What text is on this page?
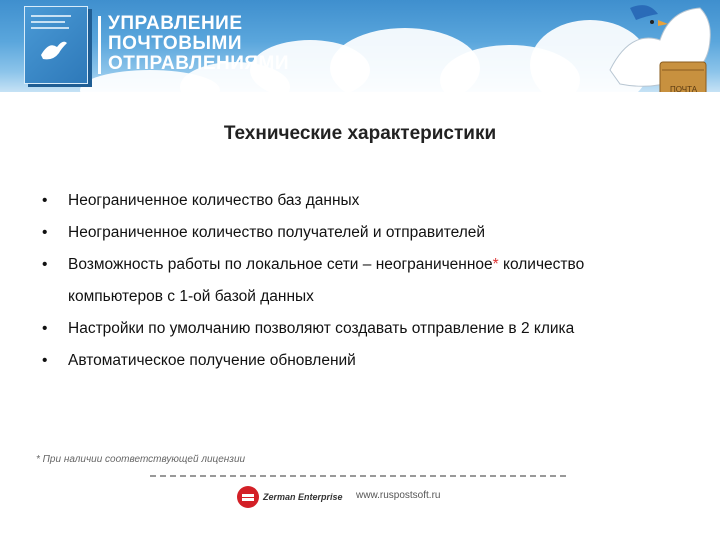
УПРАВЛЕНИЕ
ПОЧТОВЫМИ
ОТПРАВЛЕНИЯМИ
ПОЧТА
Технические характеристики
• Неограниченное количество баз данных
• Неограниченное количество получателей и отправителей
• Возможность работы по локальное сети – неограниченное* количество
компьютеров с 1-ой базой данных
• Настройки по умолчанию позволяют создавать отправление в 2 клика
• Автоматическое получение обновлений
* При наличии соответствующей лицензии
Zerman Enterprise www.ruspostsoft.ru
